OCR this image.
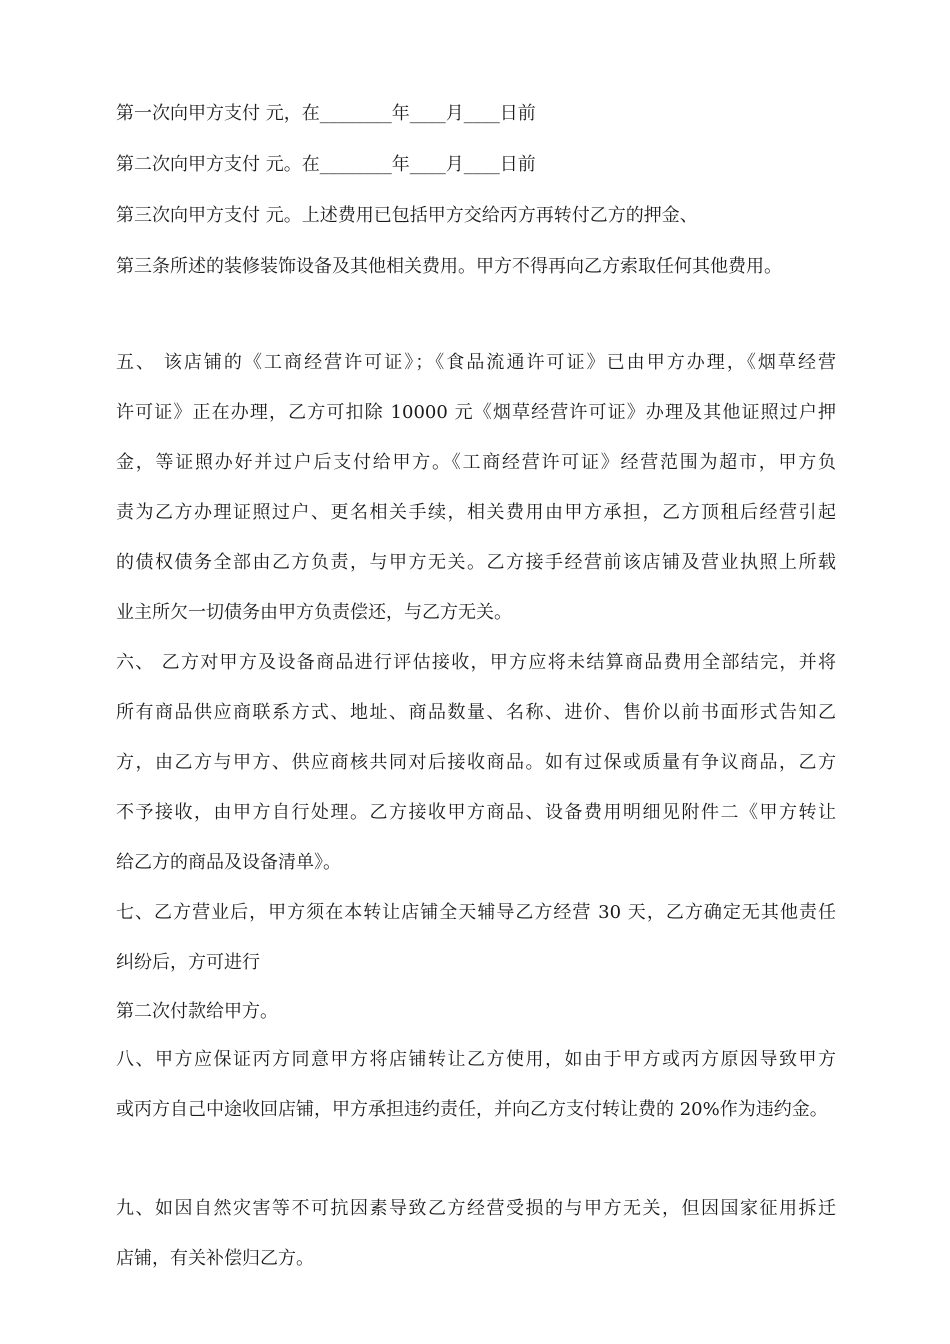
第一次向甲方支付 元，在________年____月____日前

第二次向甲方支付 元。在________年____月____日前

第三次向甲方支付 元。上述费用已包括甲方交给丙方再转付乙方的押金、

第三条所述的装修装饰设备及其他相关费用。甲方不得再向乙方索取任何其他费用。

五、 该店铺的《工商经营许可证》；《食品流通许可证》已由甲方办理，《烟草经营

许可证》正在办理，乙方可扣除 10000 元《烟草经营许可证》办理及其他证照过户押

金，等证照办好并过户后支付给甲方。《工商经营许可证》经营范围为超市，甲方负

责为乙方办理证照过户、更名相关手续，相关费用由甲方承担，乙方顶租后经营引起

的债权债务全部由乙方负责，与甲方无关。乙方接手经营前该店铺及营业执照上所载

业主所欠一切债务由甲方负责偿还，与乙方无关。

六、 乙方对甲方及设备商品进行评估接收，甲方应将未结算商品费用全部结完，并将

所有商品供应商联系方式、地址、商品数量、名称、进价、售价以前书面形式告知乙

方，由乙方与甲方、供应商核共同对后接收商品。如有过保或质量有争议商品，乙方

不予接收，由甲方自行处理。乙方接收甲方商品、设备费用明细见附件二《甲方转让

给乙方的商品及设备清单》。

七、乙方营业后，甲方须在本转让店铺全天辅导乙方经营 30 天，乙方确定无其他责任

纠纷后，方可进行

第二次付款给甲方。

八、甲方应保证丙方同意甲方将店铺转让乙方使用，如由于甲方或丙方原因导致甲方

或丙方自己中途收回店铺，甲方承担违约责任，并向乙方支付转让费的 20%作为违约金。

九、如因自然灾害等不可抗因素导致乙方经营受损的与甲方无关，但因国家征用拆迁

店铺，有关补偿归乙方。
